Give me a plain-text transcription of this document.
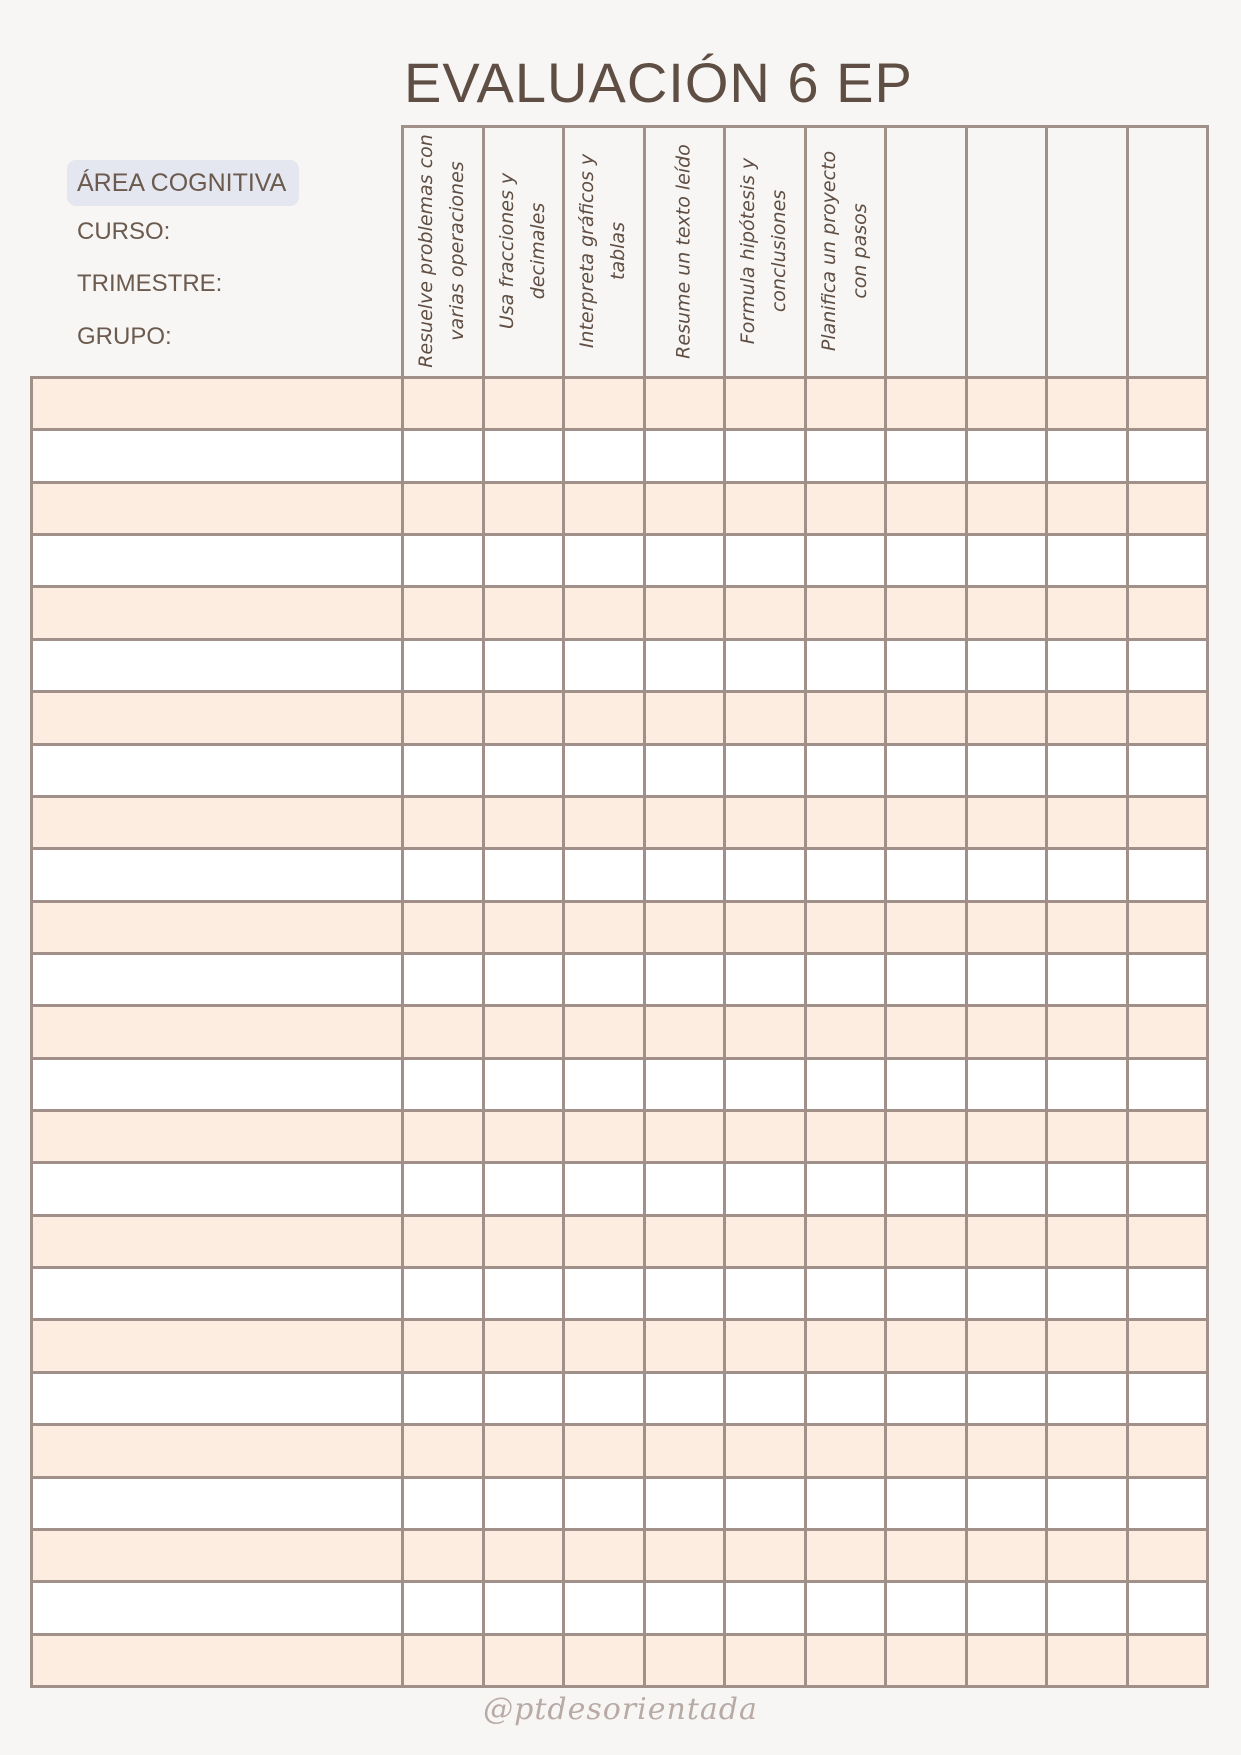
EVALUACIÓN 6 EP
ÁREA COGNITIVA
CURSO:
TRIMESTRE:
GRUPO:	Resuelve problemas con varias operaciones Usa fracciones y decimales Interpreta gráficos y tablas Resume un texto leído Formula hipótesis y conclusiones Planifica un proyecto con pasos
@ptdesorientada
